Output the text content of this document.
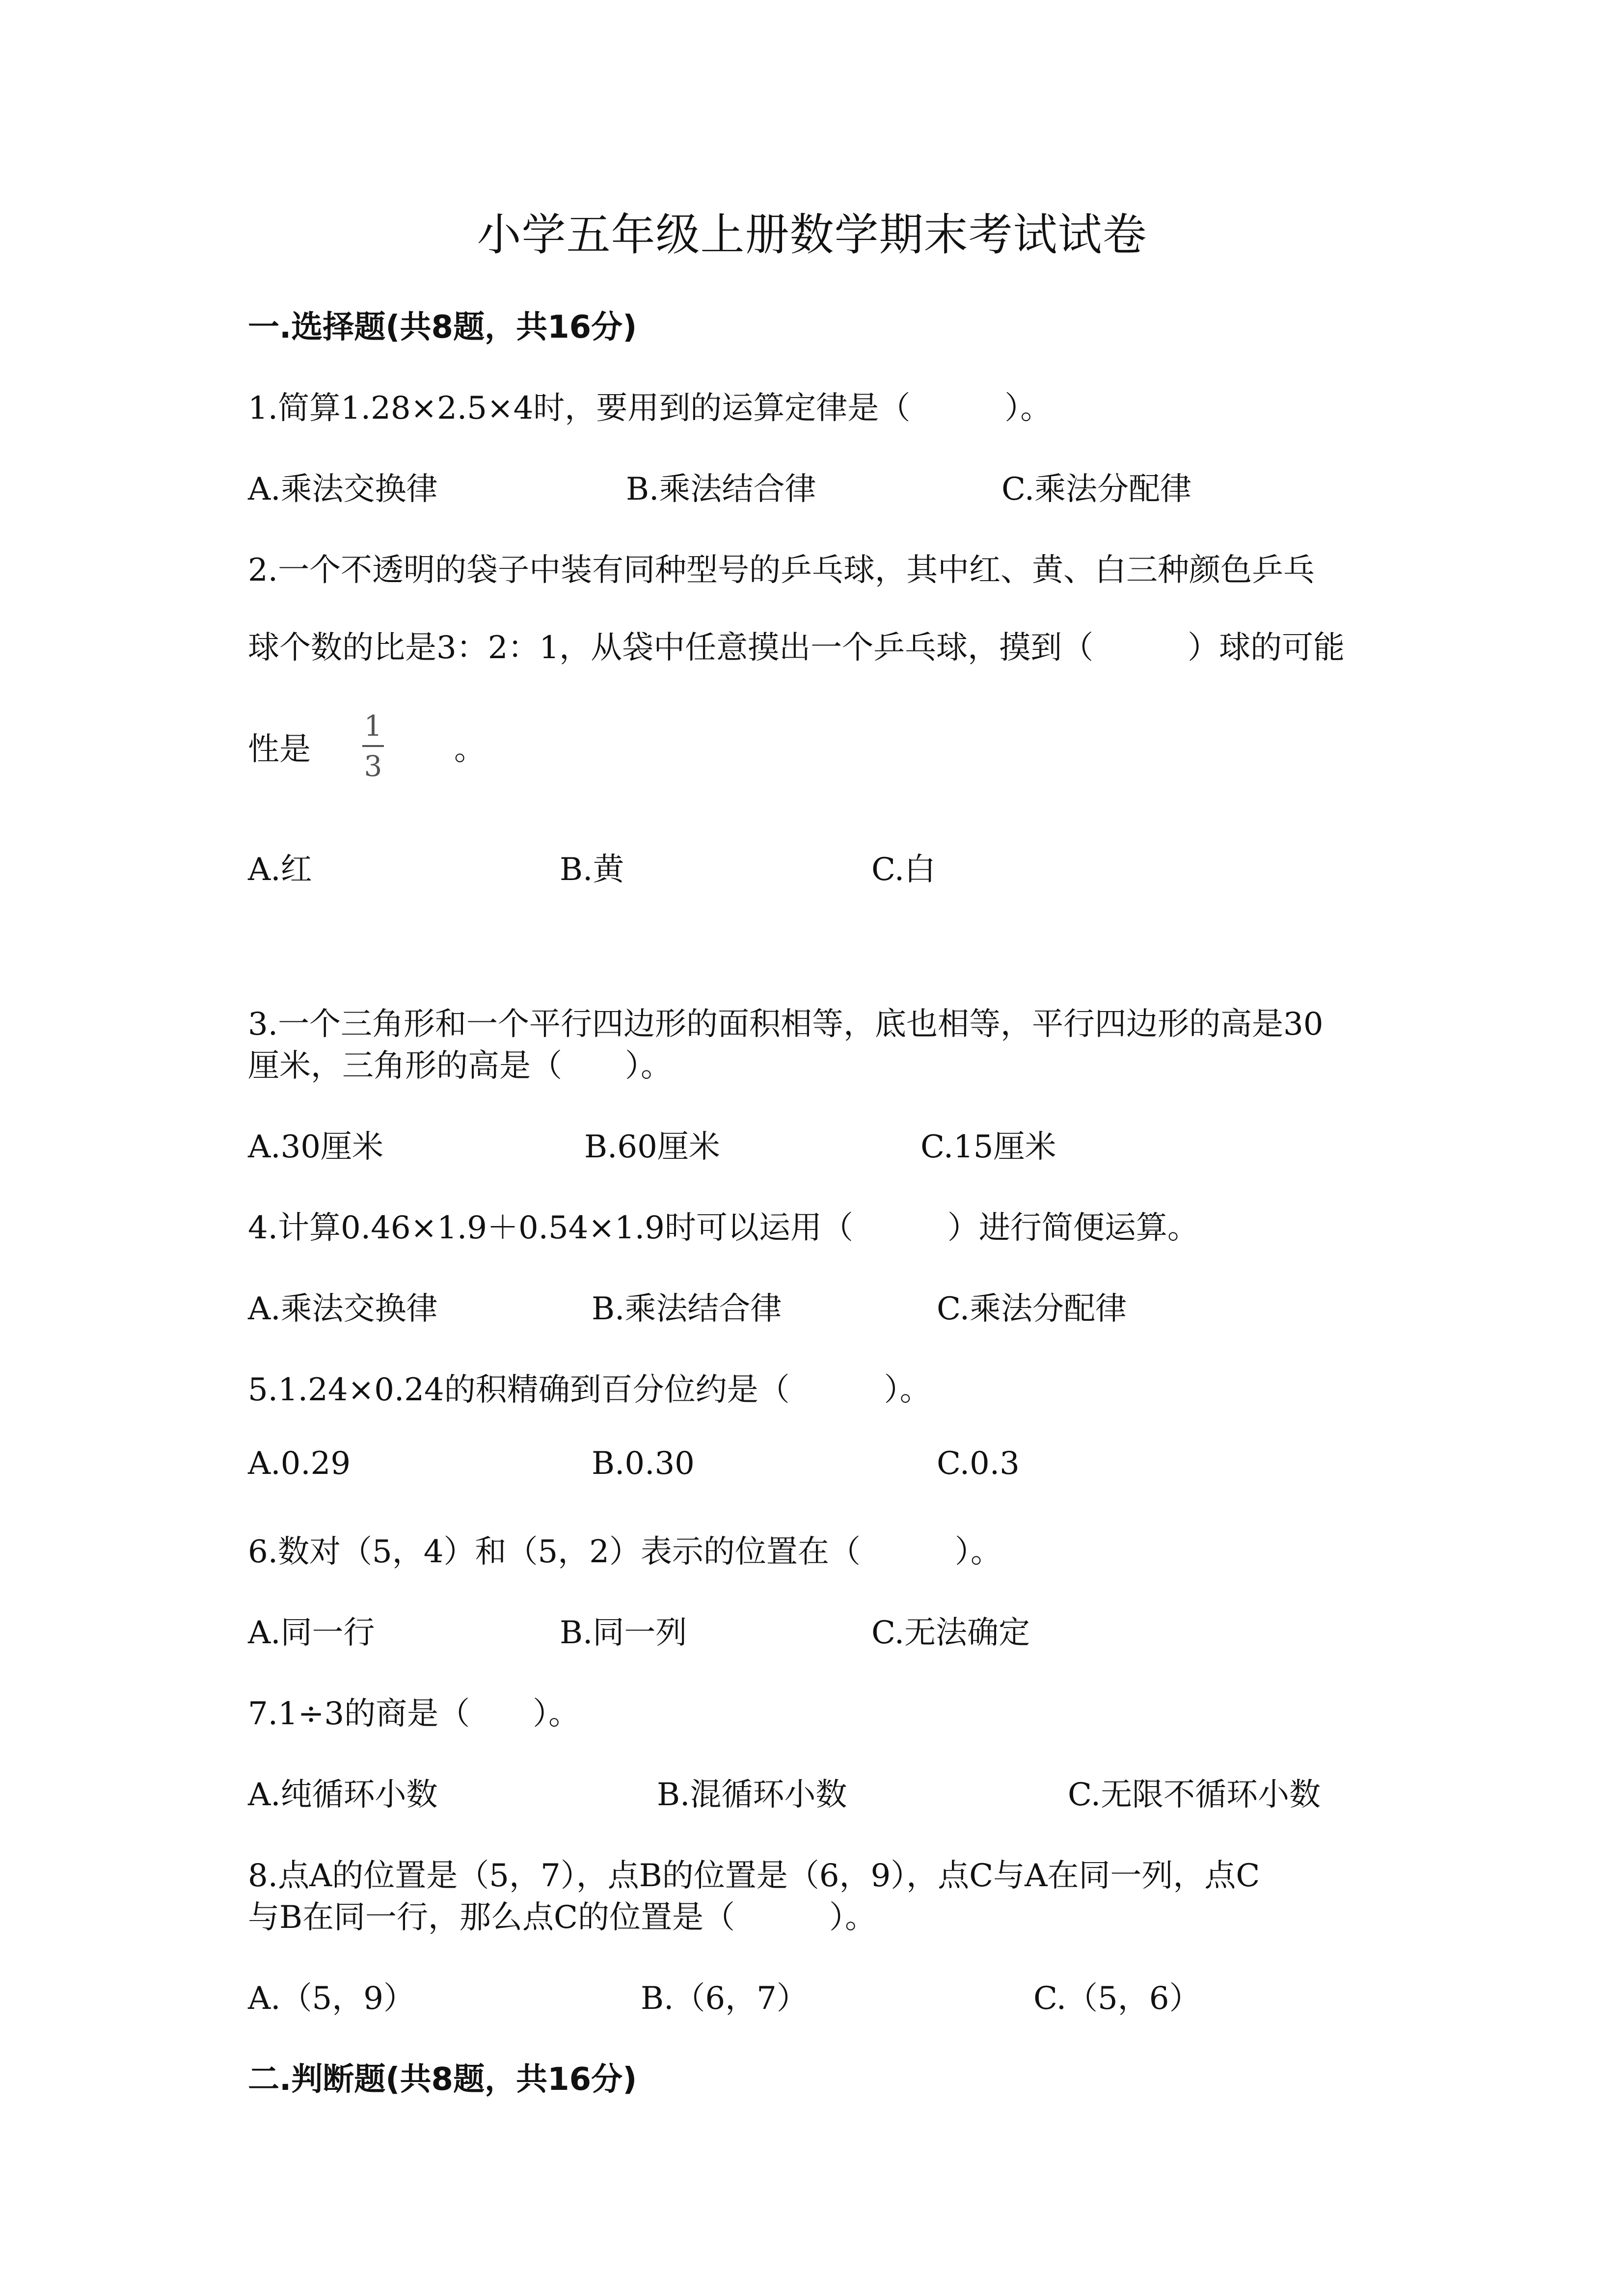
小学五年级上册数学期末考试试卷
一.选择题(共8题，共16分)
1.简算1.28×2.5×4时，要用到的运算定律是（　　　）。
A.乘法交换律	B.乘法结合律	C.乘法分配律
2.一个不透明的袋子中装有同种型号的乒乓球，其中红、黄、白三种颜色乒乓
球个数的比是3：2：1，从袋中任意摸出一个乒乓球，摸到（　　　）球的可能
性是
1
3 。
A.红	B.黄	C.白
3.一个三角形和一个平行四边形的面积相等，底也相等，平行四边形的高是30
厘米，三角形的高是（　　）。
A.30厘米	B.60厘米	C.15厘米
4.计算0.46×1.9＋0.54×1.9时可以运用（　　　）进行简便运算。
A.乘法交换律	B.乘法结合律	C.乘法分配律
5.1.24×0.24的积精确到百分位约是（　　　）。
A.0.29	B.0.30	C.0.3
6.数对（5，4）和（5，2）表示的位置在（　　　）。
A.同一行	B.同一列	C.无法确定
7.1÷3的商是（　　）。
A.纯循环小数	B.混循环小数	C.无限不循环小数
8.点A的位置是（5，7），点B的位置是（6，9），点C与A在同一列，点C
与B在同一行，那么点C的位置是（　　　）。
A.（5，9）	B.（6，7）	C.（5，6）
二.判断题(共8题，共16分)
